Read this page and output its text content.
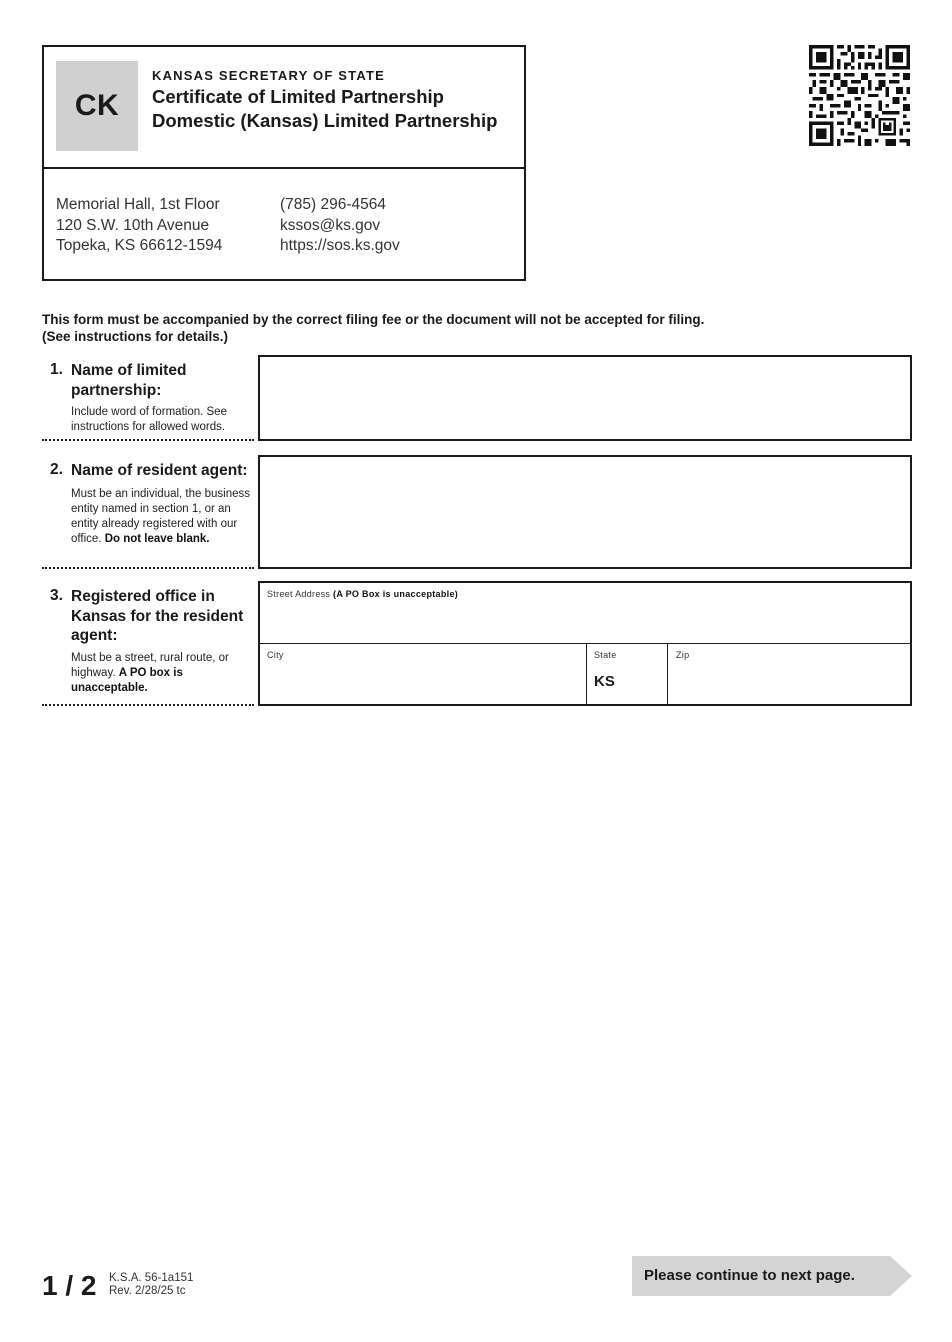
CK
KANSAS SECRETARY OF STATE
Certificate of Limited Partnership
Domestic (Kansas) Limited Partnership
Memorial Hall, 1st Floor
120 S.W. 10th Avenue
Topeka, KS 66612-1594
(785) 296-4564
kssos@ks.gov
https://sos.ks.gov
This form must be accompanied by the correct filing fee or the document will not be accepted for filing.
(See instructions for details.)
1. Name of limited partnership:
Include word of formation. See instructions for allowed words.
2. Name of resident agent:
Must be an individual, the business entity named in section 1, or an entity already registered with our office. Do not leave blank.
3. Registered office in Kansas for the resident agent:
Must be a street, rural route, or highway. A PO box is unacceptable.
Street Address (A PO Box is unacceptable)
City	State
KS
Zip
1 / 2 K.S.A. 56-1a151
Rev. 2/28/25 tc
Please continue to next page.
